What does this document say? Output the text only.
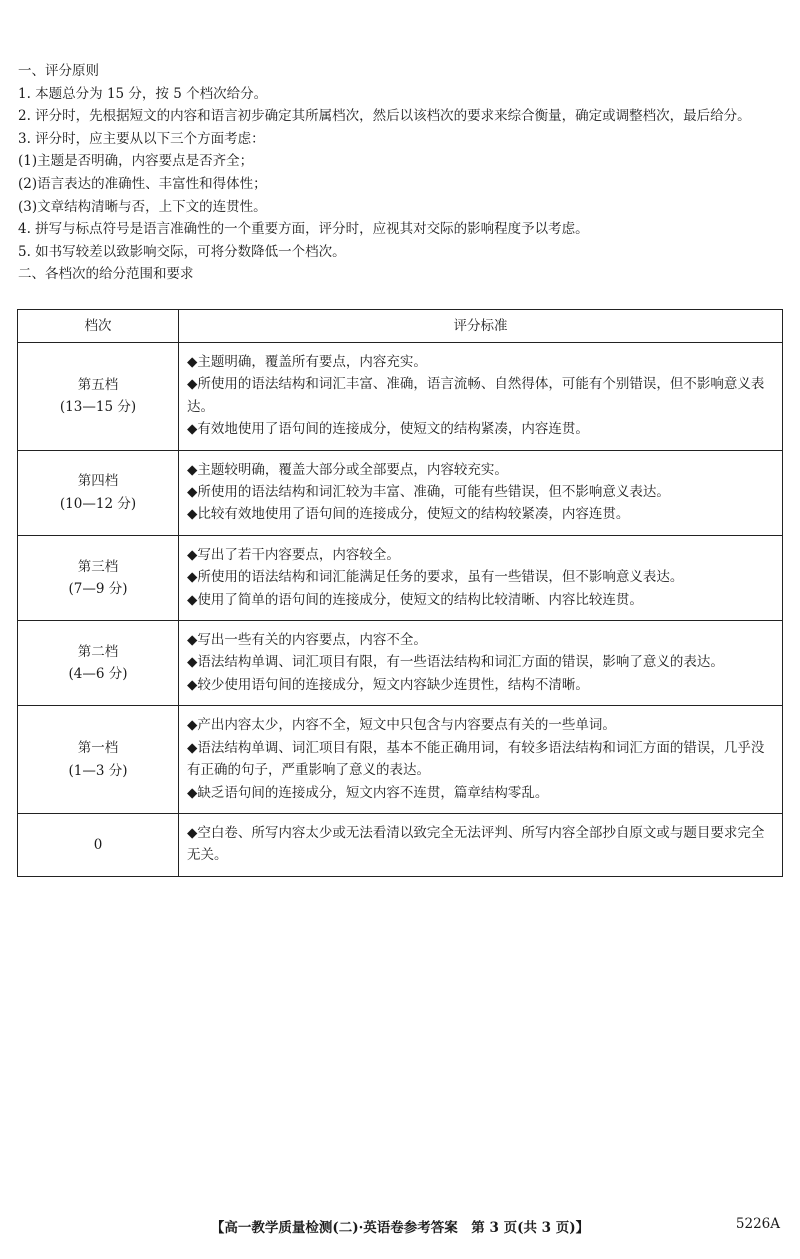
一、评分原则
1. 本题总分为 15 分，按 5 个档次给分。
2. 评分时，先根据短文的内容和语言初步确定其所属档次，然后以该档次的要求来综合衡量，确定或调整档次，最后给分。
3. 评分时，应主要从以下三个方面考虑：
(1)主题是否明确，内容要点是否齐全；
(2)语言表达的准确性、丰富性和得体性；
(3)文章结构清晰与否，上下文的连贯性。
4. 拼写与标点符号是语言准确性的一个重要方面，评分时，应视其对交际的影响程度予以考虑。
5. 如书写较差以致影响交际，可将分数降低一个档次。
二、各档次的给分范围和要求
档次	评分标准

第五档
(13—15 分)	◆主题明确，覆盖所有要点，内容充实。
◆所使用的语法结构和词汇丰富、准确，语言流畅、自然得体，可能有个别错误，但不影响意义表达。
◆有效地使用了语句间的连接成分，使短文的结构紧凑，内容连贯。

第四档
(10—12 分)	◆主题较明确，覆盖大部分或全部要点，内容较充实。
◆所使用的语法结构和词汇较为丰富、准确，可能有些错误，但不影响意义表达。
◆比较有效地使用了语句间的连接成分，使短文的结构较紧凑，内容连贯。

第三档
(7—9 分)	◆写出了若干内容要点，内容较全。
◆所使用的语法结构和词汇能满足任务的要求，虽有一些错误，但不影响意义表达。
◆使用了简单的语句间的连接成分，使短文的结构比较清晰、内容比较连贯。

第二档
(4—6 分)	◆写出一些有关的内容要点，内容不全。
◆语法结构单调、词汇项目有限，有一些语法结构和词汇方面的错误，影响了意义的表达。
◆较少使用语句间的连接成分，短文内容缺少连贯性，结构不清晰。

第一档
(1—3 分)	◆产出内容太少，内容不全，短文中只包含与内容要点有关的一些单词。
◆语法结构单调、词汇项目有限，基本不能正确用词，有较多语法结构和词汇方面的错误，几乎没有正确的句子，严重影响了意义的表达。
◆缺乏语句间的连接成分，短文内容不连贯，篇章结构零乱。

0	◆空白卷、所写内容太少或无法看清以致完全无法评判、所写内容全部抄自原文或与题目要求完全无关。
【高一教学质量检测(二)·英语卷参考答案　第 3 页(共 3 页)】	5226A
